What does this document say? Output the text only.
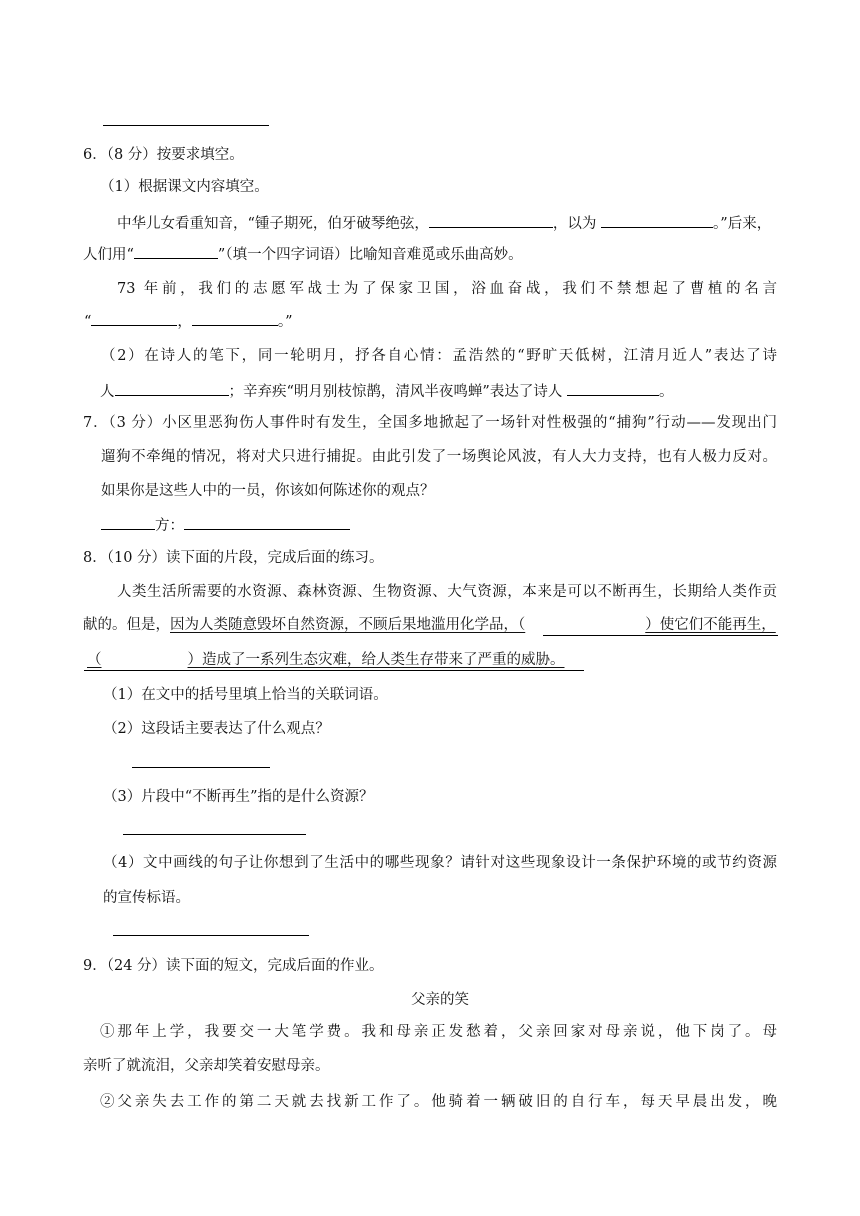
6．（8 分）按要求填空。
（1）根据课文内容填空。
中华儿女看重知音，“锺子期死，伯牙破琴绝弦，	，以为	。”后来，
人们用“	”（填一个四字词语）比喻知音难觅或乐曲高妙。
73 年前，我们的志愿军战士为了保家卫国，浴血奋战，我们不禁想起了曹植的名言
“	，	。”
（2）在诗人的笔下，同一轮明月，抒各自心情：孟浩然的“野旷天低树，江清月近人”表达了诗
人	；辛弃疾“明月别枝惊鹊，清风半夜鸣蝉”表达了诗人	。
7．（3 分）小区里恶狗伤人事件时有发生，全国多地掀起了一场针对性极强的“捕狗”行动——发现出门
遛狗不牵绳的情况，将对犬只进行捕捉。由此引发了一场舆论风波，有人大力支持，也有人极力反对。
如果你是这些人中的一员，你该如何陈述你的观点？
方：
8．（10 分）读下面的片段，完成后面的练习。
人类生活所需要的水资源、森林资源、生物资源、大气资源，本来是可以不断再生，长期给人类作贡
献的。但是，因为人类随意毁坏自然资源，不顾后果地滥用化学品，（	）使它们不能再生，
（	）造成了一系列生态灾难，给人类生存带来了严重的威胁。
（1）在文中的括号里填上恰当的关联词语。
（2）这段话主要表达了什么观点？
（3）片段中“不断再生”指的是什么资源？
（4）文中画线的句子让你想到了生活中的哪些现象？请针对这些现象设计一条保护环境的或节约资源
的宣传标语。
9．（24 分）读下面的短文，完成后面的作业。
父亲的笑
①那年上学，我要交一大笔学费。我和母亲正发愁着，父亲回家对母亲说，他下岗了。母
亲听了就流泪，父亲却笑着安慰母亲。
②父亲失去工作的第二天就去找新工作了。他骑着一辆破旧的自行车，每天早晨出发，晚
